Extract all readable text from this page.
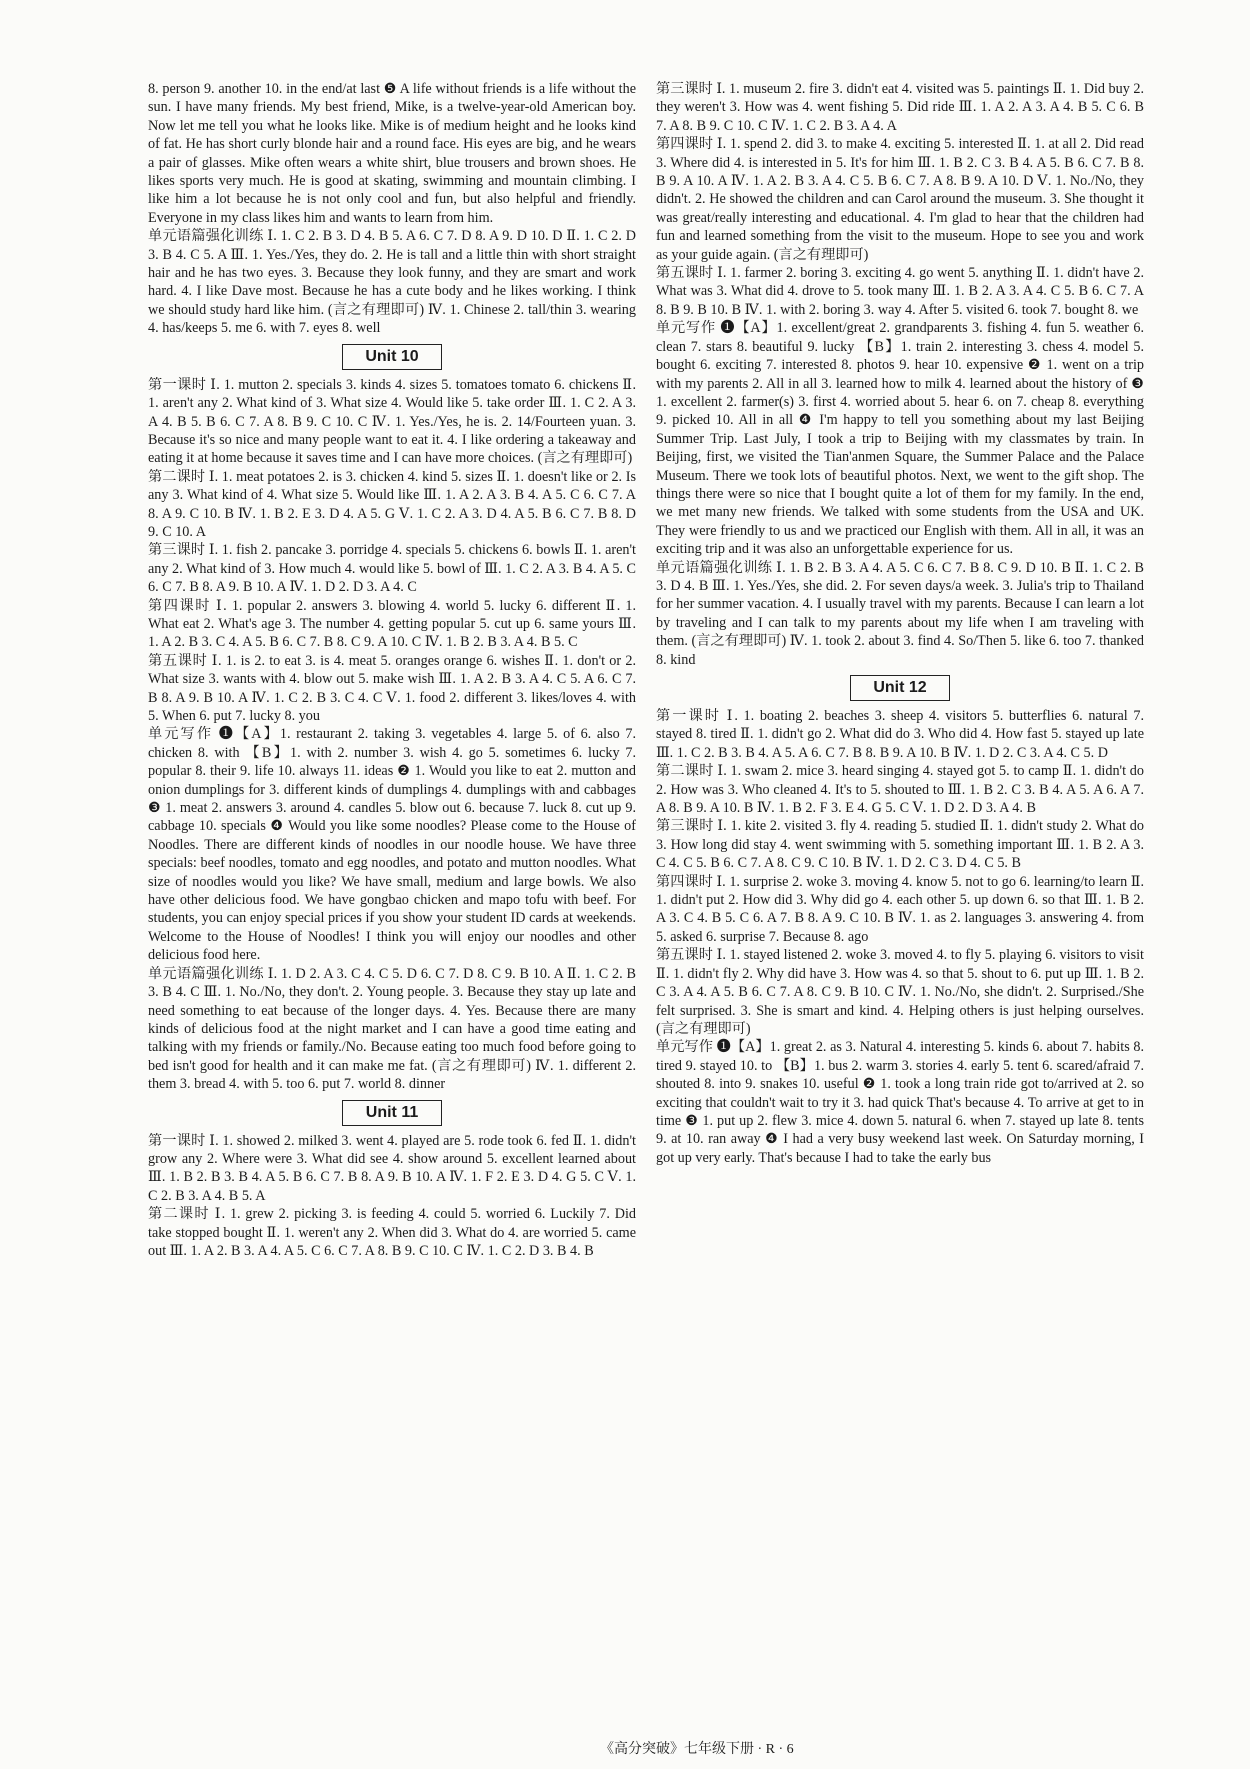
8. person 9. another 10. in the end/at last ❺ A life without friends is a life without the sun. I have many friends. My best friend, Mike, is a twelve-year-old American boy. Now let me tell you what he looks like. Mike is of medium height and he looks kind of fat. He has short curly blonde hair and a round face. His eyes are big, and he wears a pair of glasses. Mike often wears a white shirt, blue trousers and brown shoes. He likes sports very much. He is good at skating, swimming and mountain climbing. I like him a lot because he is not only cool and fun, but also helpful and friendly. Everyone in my class likes him and wants to learn from him.

单元语篇强化训练 Ⅰ. 1. C 2. B 3. D 4. B 5. A 6. C 7. D 8. A 9. D 10. D Ⅱ. 1. C 2. D 3. B 4. C 5. A Ⅲ. 1. Yes./Yes, they do. 2. He is tall and a little thin with short straight hair and he has two eyes. 3. Because they look funny, and they are smart and work hard. 4. I like Dave most. Because he has a cute body and he likes working. I think we should study hard like him. (言之有理即可) Ⅳ. 1. Chinese 2. tall/thin 3. wearing 4. has/keeps 5. me 6. with 7. eyes 8. well

Unit 10

第一课时 Ⅰ. 1. mutton 2. specials 3. kinds 4. sizes 5. tomatoes tomato 6. chickens Ⅱ. 1. aren't any 2. What kind of 3. What size 4. Would like 5. take order Ⅲ. 1. C 2. A 3. A 4. B 5. B 6. C 7. A 8. B 9. C 10. C Ⅳ. 1. Yes./Yes, he is. 2. 14/Fourteen yuan. 3. Because it's so nice and many people want to eat it. 4. I like ordering a takeaway and eating it at home because it saves time and I can have more choices. (言之有理即可)

第二课时 Ⅰ. 1. meat potatoes 2. is 3. chicken 4. kind 5. sizes Ⅱ. 1. doesn't like or 2. Is any 3. What kind of 4. What size 5. Would like Ⅲ. 1. A 2. A 3. B 4. A 5. C 6. C 7. A 8. A 9. C 10. B Ⅳ. 1. B 2. E 3. D 4. A 5. G Ⅴ. 1. C 2. A 3. D 4. A 5. B 6. C 7. B 8. D 9. C 10. A

第三课时 Ⅰ. 1. fish 2. pancake 3. porridge 4. specials 5. chickens 6. bowls Ⅱ. 1. aren't any 2. What kind of 3. How much 4. would like 5. bowl of Ⅲ. 1. C 2. A 3. B 4. A 5. C 6. C 7. B 8. A 9. B 10. A Ⅳ. 1. D 2. D 3. A 4. C

第四课时 Ⅰ. 1. popular 2. answers 3. blowing 4. world 5. lucky 6. different Ⅱ. 1. What eat 2. What's age 3. The number 4. getting popular 5. cut up 6. same yours Ⅲ. 1. A 2. B 3. C 4. A 5. B 6. C 7. B 8. C 9. A 10. C Ⅳ. 1. B 2. B 3. A 4. B 5. C

第五课时 Ⅰ. 1. is 2. to eat 3. is 4. meat 5. oranges orange 6. wishes Ⅱ. 1. don't or 2. What size 3. wants with 4. blow out 5. make wish Ⅲ. 1. A 2. B 3. A 4. C 5. A 6. C 7. B 8. A 9. B 10. A Ⅳ. 1. C 2. B 3. C 4. C Ⅴ. 1. food 2. different 3. likes/loves 4. with 5. When 6. put 7. lucky 8. you

单元写作 ❶【A】1. restaurant 2. taking 3. vegetables 4. large 5. of 6. also 7. chicken 8. with 【B】1. with 2. number 3. wish 4. go 5. sometimes 6. lucky 7. popular 8. their 9. life 10. always 11. ideas ❷ 1. Would you like to eat 2. mutton and onion dumplings for 3. different kinds of dumplings 4. dumplings with and cabbages ❸ 1. meat 2. answers 3. around 4. candles 5. blow out 6. because 7. luck 8. cut up 9. cabbage 10. specials ❹ Would you like some noodles? Please come to the House of Noodles. There are different kinds of noodles in our noodle house. We have three specials: beef noodles, tomato and egg noodles, and potato and mutton noodles. What size of noodles would you like? We have small, medium and large bowls. We also have other delicious food. We have gongbao chicken and mapo tofu with beef. For students, you can enjoy special prices if you show your student ID cards at weekends. Welcome to the House of Noodles! I think you will enjoy our noodles and other delicious food here.

单元语篇强化训练 Ⅰ. 1. D 2. A 3. C 4. C 5. D 6. C 7. D 8. C 9. B 10. A Ⅱ. 1. C 2. B 3. B 4. C Ⅲ. 1. No./No, they don't. 2. Young people. 3. Because they stay up late and need something to eat because of the longer days. 4. Yes. Because there are many kinds of delicious food at the night market and I can have a good time eating and talking with my friends or family./No. Because eating too much food before going to bed isn't good for health and it can make me fat. (言之有理即可) Ⅳ. 1. different 2. them 3. bread 4. with 5. too 6. put 7. world 8. dinner

Unit 11

第一课时 Ⅰ. 1. showed 2. milked 3. went 4. played are 5. rode took 6. fed Ⅱ. 1. didn't grow any 2. Where were 3. What did see 4. show around 5. excellent learned about Ⅲ. 1. B 2. B 3. B 4. A 5. B 6. C 7. B 8. A 9. B 10. A Ⅳ. 1. F 2. E 3. D 4. G 5. C Ⅴ. 1. C 2. B 3. A 4. B 5. A

第二课时 Ⅰ. 1. grew 2. picking 3. is feeding 4. could 5. worried 6. Luckily 7. Did take stopped bought Ⅱ. 1. weren't any 2. When did 3. What do 4. are worried 5. came out Ⅲ. 1. A 2. B 3. A 4. A 5. C 6. C 7. A 8. B 9. C 10. C Ⅳ. 1. C 2. D 3. B 4. B

第三课时 Ⅰ. 1. museum 2. fire 3. didn't eat 4. visited was 5. paintings Ⅱ. 1. Did buy 2. they weren't 3. How was 4. went fishing 5. Did ride Ⅲ. 1. A 2. A 3. A 4. B 5. C 6. B 7. A 8. B 9. C 10. C Ⅳ. 1. C 2. B 3. A 4. A

第四课时 Ⅰ. 1. spend 2. did 3. to make 4. exciting 5. interested Ⅱ. 1. at all 2. Did read 3. Where did 4. is interested in 5. It's for him Ⅲ. 1. B 2. C 3. B 4. A 5. B 6. C 7. B 8. B 9. A 10. A Ⅳ. 1. A 2. B 3. A 4. C 5. B 6. C 7. A 8. B 9. A 10. D Ⅴ. 1. No./No, they didn't. 2. He showed the children and can Carol around the museum. 3. She thought it was great/really interesting and educational. 4. I'm glad to hear that the children had fun and learned something from the visit to the museum. Hope to see you and work as your guide again. (言之有理即可)

第五课时 Ⅰ. 1. farmer 2. boring 3. exciting 4. go went 5. anything Ⅱ. 1. didn't have 2. What was 3. What did 4. drove to 5. took many Ⅲ. 1. B 2. A 3. A 4. C 5. B 6. C 7. A 8. B 9. B 10. B Ⅳ. 1. with 2. boring 3. way 4. After 5. visited 6. took 7. bought 8. we

单元写作 ❶【A】1. excellent/great 2. grandparents 3. fishing 4. fun 5. weather 6. clean 7. stars 8. beautiful 9. lucky 【B】1. train 2. interesting 3. chess 4. model 5. bought 6. exciting 7. interested 8. photos 9. hear 10. expensive ❷ 1. went on a trip with my parents 2. All in all 3. learned how to milk 4. learned about the history of ❸ 1. excellent 2. farmer(s) 3. first 4. worried about 5. hear 6. on 7. cheap 8. everything 9. picked 10. All in all ❹ I'm happy to tell you something about my last Beijing Summer Trip. Last July, I took a trip to Beijing with my classmates by train. In Beijing, first, we visited the Tian'anmen Square, the Summer Palace and the Palace Museum. There we took lots of beautiful photos. Next, we went to the gift shop. The things there were so nice that I bought quite a lot of them for my family. In the end, we met many new friends. We talked with some students from the USA and UK. They were friendly to us and we practiced our English with them. All in all, it was an exciting trip and it was also an unforgettable experience for us.

单元语篇强化训练 Ⅰ. 1. B 2. B 3. A 4. A 5. C 6. C 7. B 8. C 9. D 10. B Ⅱ. 1. C 2. B 3. D 4. B Ⅲ. 1. Yes./Yes, she did. 2. For seven days/a week. 3. Julia's trip to Thailand for her summer vacation. 4. I usually travel with my parents. Because I can learn a lot by traveling and I can talk to my parents about my life when I am traveling with them. (言之有理即可) Ⅳ. 1. took 2. about 3. find 4. So/Then 5. like 6. too 7. thanked 8. kind

Unit 12

第一课时 Ⅰ. 1. boating 2. beaches 3. sheep 4. visitors 5. butterflies 6. natural 7. stayed 8. tired Ⅱ. 1. didn't go 2. What did do 3. Who did 4. How fast 5. stayed up late Ⅲ. 1. C 2. B 3. B 4. A 5. A 6. C 7. B 8. B 9. A 10. B Ⅳ. 1. D 2. C 3. A 4. C 5. D

第二课时 Ⅰ. 1. swam 2. mice 3. heard singing 4. stayed got 5. to camp Ⅱ. 1. didn't do 2. How was 3. Who cleaned 4. It's to 5. shouted to Ⅲ. 1. B 2. C 3. B 4. A 5. A 6. A 7. A 8. B 9. A 10. B Ⅳ. 1. B 2. F 3. E 4. G 5. C Ⅴ. 1. D 2. D 3. A 4. B

第三课时 Ⅰ. 1. kite 2. visited 3. fly 4. reading 5. studied Ⅱ. 1. didn't study 2. What do 3. How long did stay 4. went swimming with 5. something important Ⅲ. 1. B 2. A 3. C 4. C 5. B 6. C 7. A 8. C 9. C 10. B Ⅳ. 1. D 2. C 3. D 4. C 5. B

第四课时 Ⅰ. 1. surprise 2. woke 3. moving 4. know 5. not to go 6. learning/to learn Ⅱ. 1. didn't put 2. How did 3. Why did go 4. each other 5. up down 6. so that Ⅲ. 1. B 2. A 3. C 4. B 5. C 6. A 7. B 8. A 9. C 10. B Ⅳ. 1. as 2. languages 3. answering 4. from 5. asked 6. surprise 7. Because 8. ago

第五课时 Ⅰ. 1. stayed listened 2. woke 3. moved 4. to fly 5. playing 6. visitors to visit Ⅱ. 1. didn't fly 2. Why did have 3. How was 4. so that 5. shout to 6. put up Ⅲ. 1. B 2. C 3. A 4. A 5. B 6. C 7. A 8. C 9. B 10. C Ⅳ. 1. No./No, she didn't. 2. Surprised./She felt surprised. 3. She is smart and kind. 4. Helping others is just helping ourselves. (言之有理即可)

单元写作 ❶【A】1. great 2. as 3. Natural 4. interesting 5. kinds 6. about 7. habits 8. tired 9. stayed 10. to 【B】1. bus 2. warm 3. stories 4. early 5. tent 6. scared/afraid 7. shouted 8. into 9. snakes 10. useful ❷ 1. took a long train ride got to/arrived at 2. so exciting that couldn't wait to try it 3. had quick That's because 4. To arrive at get to in time ❸ 1. put up 2. flew 3. mice 4. down 5. natural 6. when 7. stayed up late 8. tents 9. at 10. ran away ❹ I had a very busy weekend last week. On Saturday morning, I got up very early. That's because I had to take the early bus

《高分突破》七年级下册 · R · 6
